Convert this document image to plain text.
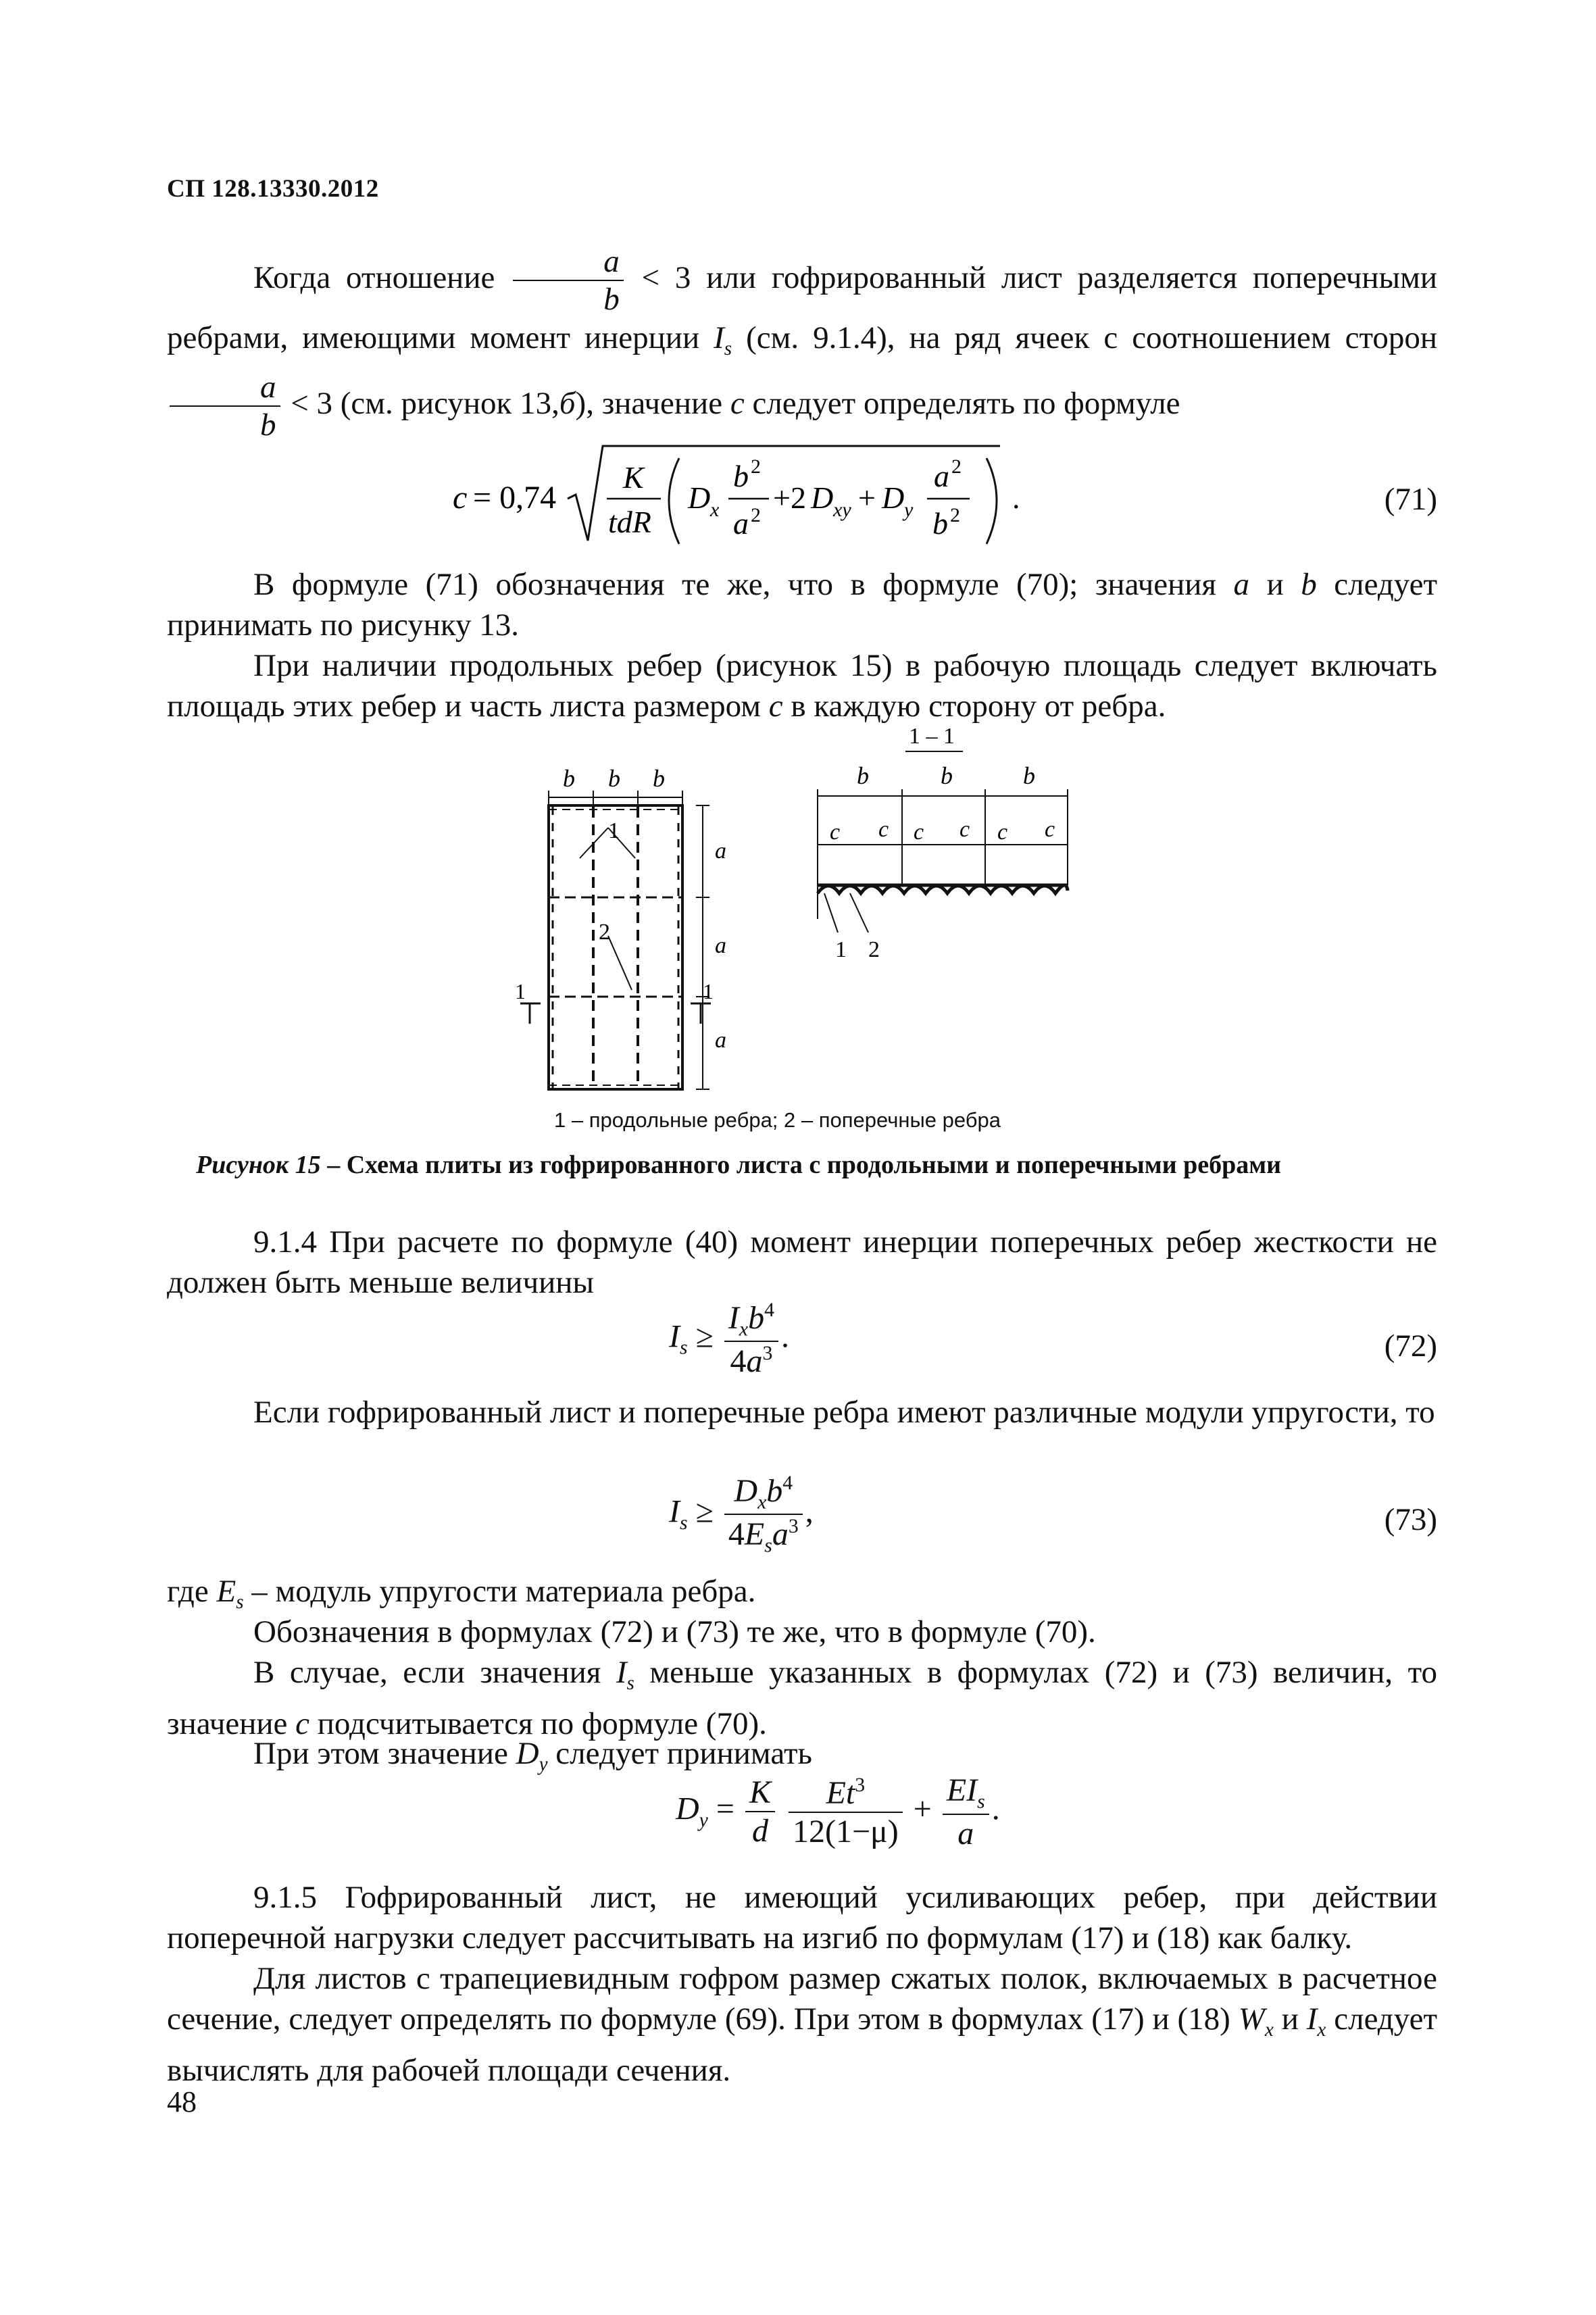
СП 128.13330.2012
Когда отношение $\frac{a}{b} < 3$ или гофрированный лист разделяется поперечными ребрами, имеющими момент инерции $I_s$ (см. 9.1.4), на ряд ячеек с соотношением сторон
$\frac{a}{b} < 3$ (см. рисунок 13,б), значение c следует определять по формуле
c = 0,74
K
tdR
D x
b 2
a 2
+2 D xy + D y
a 2
b 2
.	(71)
В формуле (71) обозначения те же, что в формуле (70); значения a и b следует принимать по рисунку 13.
При наличии продольных ребер (рисунок 15) в рабочую площадь следует включать площадь этих ребер и часть листа размером c в каждую сторону от ребра.
b b b
1
2
a
a
a
1	1
1 – 1
b	b	b
c c c c c c
1 2
1 – продольные ребра; 2 – поперечные ребра
Рисунок 15 – Схема плиты из гофрированного листа с продольными и поперечными ребрами
9.1.4 При расчете по формуле (40) момент инерции поперечных ребер жесткости не должен быть меньше величины
$I_s \ge \frac{I_xb^4}{4a^3}$ .	(72)
Если гофрированный лист и поперечные ребра имеют различные модули упругости, то
$I_s \ge \frac{D_xb^4}{4E_sa^3}$ ,	(73)
где $E_s$ – модуль упругости материала ребра.
Обозначения в формулах (72) и (73) те же, что в формуле (70).
В случае, если значения $I_s$ меньше указанных в формулах (72) и (73) величин, то значение c подсчитывается по формуле (70).
При этом значение $D_y$ следует принимать
$D_y = \frac{K}{d}$
$\frac{Et^3}{12(1-\mu)} + \frac{EI_s}{a}$ .
9.1.5 Гофрированный лист, не имеющий усиливающих ребер, при действии поперечной нагрузки следует рассчитывать на изгиб по формулам (17) и (18) как балку.
Для листов с трапециевидным гофром размер сжатых полок, включаемых в расчетное сечение, следует определять по формуле (69). При этом в формулах (17) и (18) $W_x$ и $I_x$ следует вычислять для рабочей площади сечения.
48
